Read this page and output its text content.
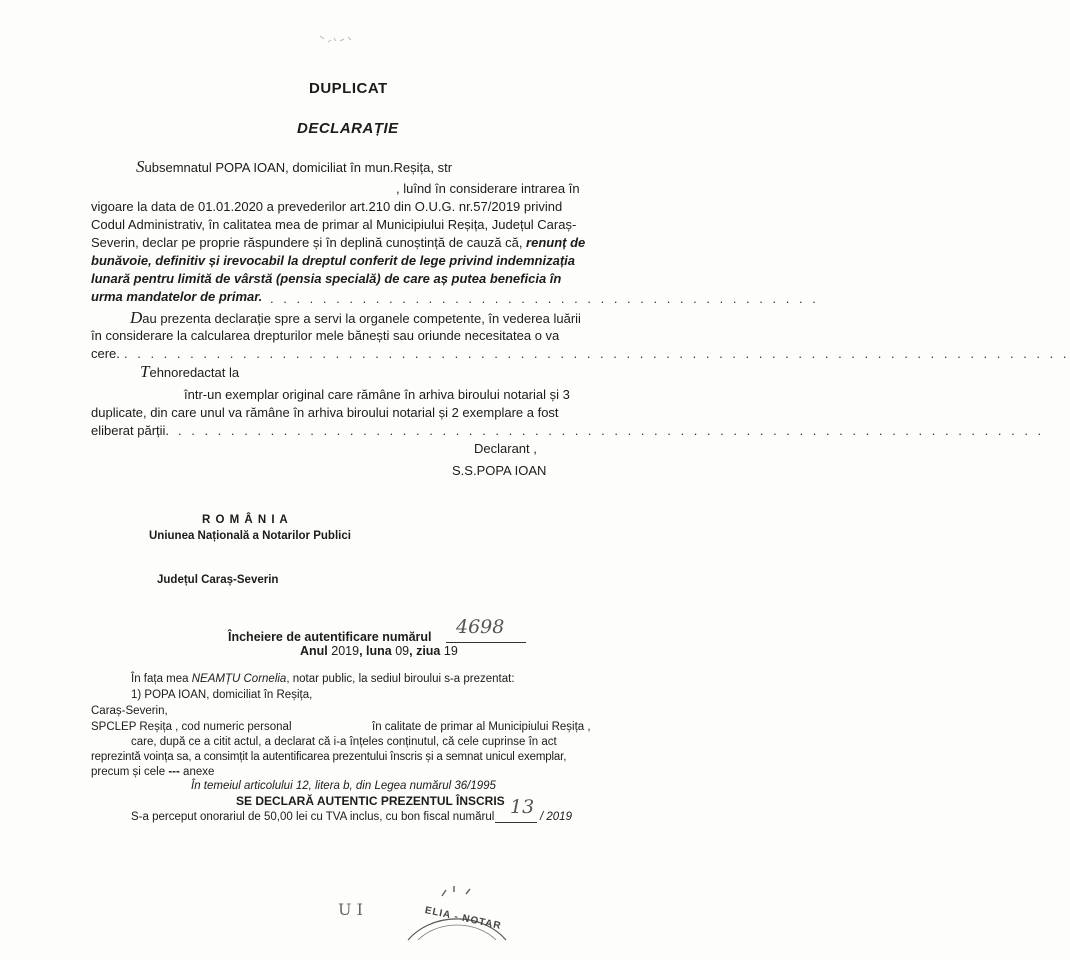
DUPLICAT
DECLARAȚIE
Subsemnatul POPA IOAN, domiciliat în mun.Reșița, str
, luînd în considerare intrarea în
vigoare la data de 01.01.2020 a prevederilor art.210 din O.U.G. nr.57/2019 privind
Codul Administrativ, în calitatea mea de primar al Municipiului Reșița, Județul Caraș-
Severin, declar pe proprie răspundere și în deplină cunoștință de cauză că, renunț de
bunăvoie, definitiv și irevocabil la dreptul conferit de lege privind indemnizația
lunară pentru limită de vârstă (pensia specială) de care aș putea beneficia în
urma mandatelor de primar. . . . . . . . . . . . . . . . . . . . . . . . . . . . . . . . . . . . . . . . . . .
Dau prezenta declarație spre a servi la organele competente, în vederea luării
în considerare la calcularea drepturilor mele bănești sau oriunde necesitatea o va
cere. . . . . . . . . . . . . . . . . . . . . . . . . . . . . . . . . . . . . . . . . . . . . . . . . . . . . . . . . . . . . . . . . . . . . . . . .
Tehnoredactat la
într-un exemplar original care rămâne în arhiva biroului notarial și 3
duplicate, din care unul va rămâne în arhiva biroului notarial și 2 exemplare a fost
eliberat părții. . . . . . . . . . . . . . . . . . . . . . . . . . . . . . . . . . . . . . . . . . . . . . . . . . . . . . . . . . . . . . . . . . .
Declarant ,
S.S.POPA IOAN
R O M Â N I A
Uniunea Națională a Notarilor Publici
Județul Caraș-Severin
Încheiere de autentificare numărul 4698
Anul 2019, luna 09, ziua 19
În fața mea NEAMȚU Cornelia, notar public, la sediul biroului s-a prezentat:
1) POPA IOAN, domiciliat în Reșița,
Caraș-Severin,
SPCLEP Reșița , cod numeric personal	în calitate de primar al Municipiului Reșița ,
care, după ce a citit actul, a declarat că i-a înțeles conținutul, că cele cuprinse în act
reprezintă voința sa, a consimțit la autentificarea prezentului înscris și a semnat unicul exemplar,
precum și cele --- anexe
În temeiul articolului 12, litera b, din Legea numărul 36/1995
SE DECLARĂ AUTENTIC PREZENTUL ÎNSCRIS
S-a perceput onorariul de 50,00 lei cu TVA inclus, cu bon fiscal numărul 13 / 2019
U I	ELIA - NOTAR
